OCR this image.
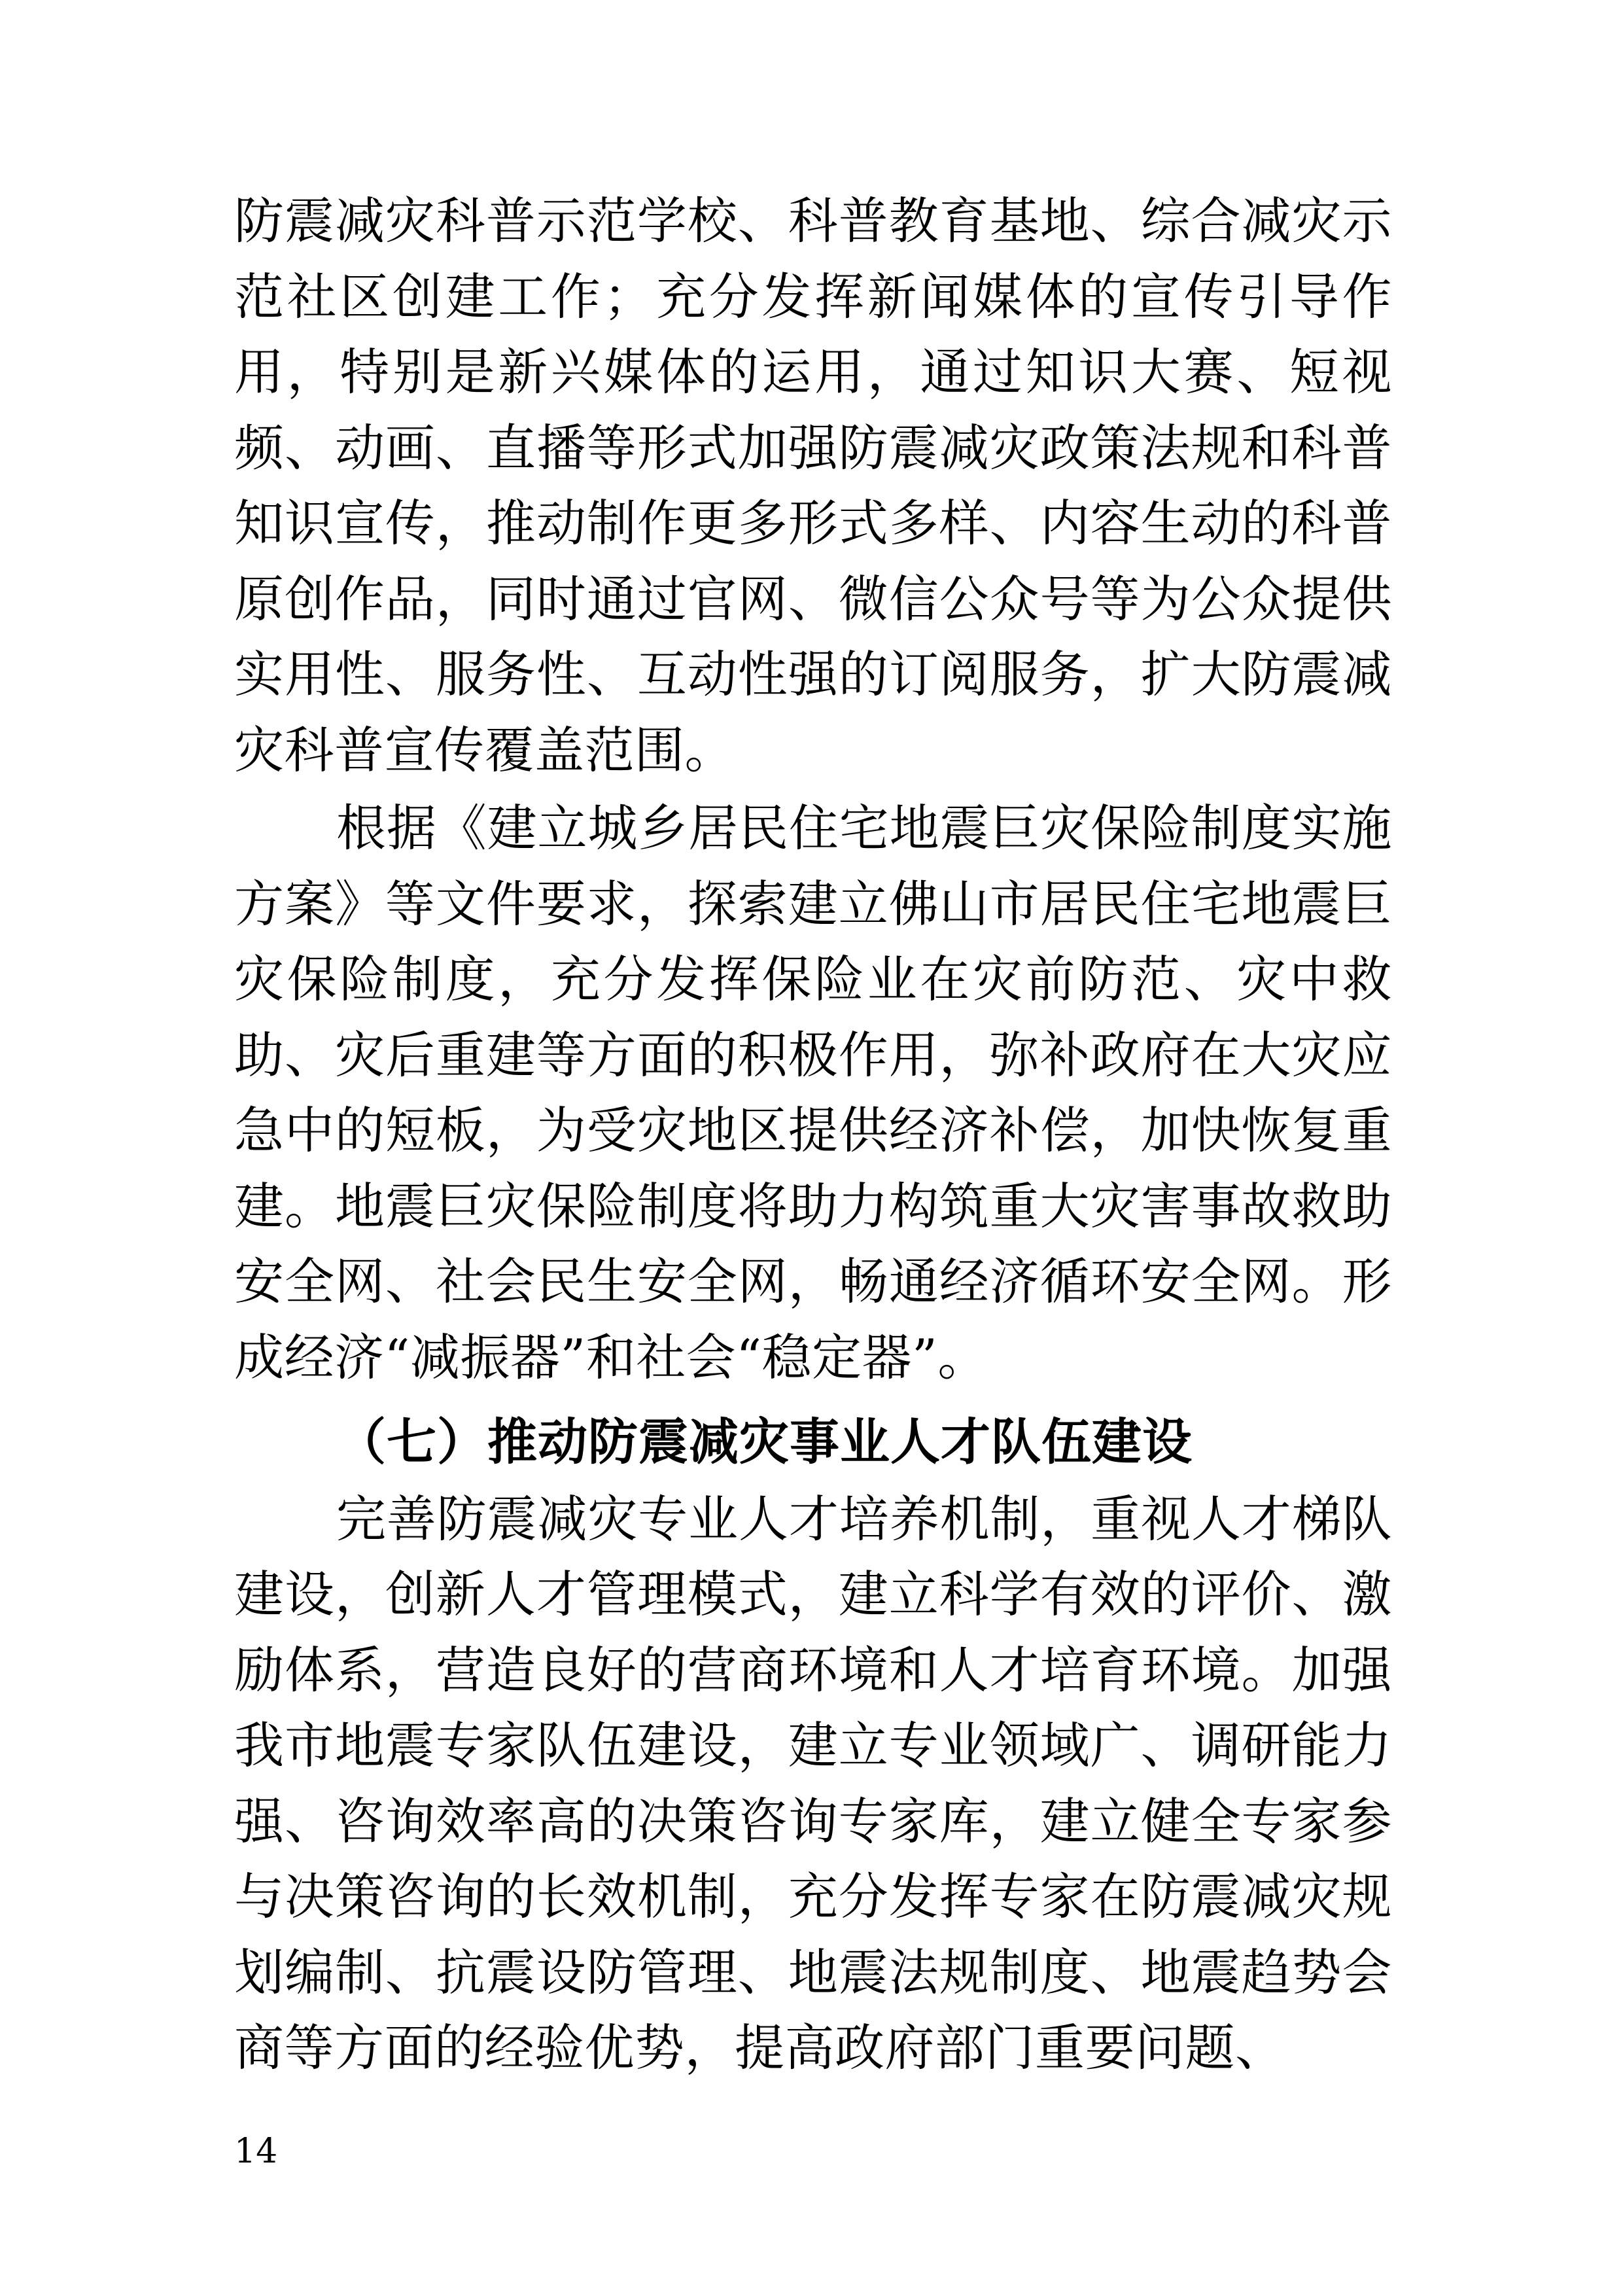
防震减灾科普示范学校、科普教育基地、综合减灾示范社区创建工作；充分发挥新闻媒体的宣传引导作用，特别是新兴媒体的运用，通过知识大赛、短视频、动画、直播等形式加强防震减灾政策法规和科普知识宣传，推动制作更多形式多样、内容生动的科普原创作品，同时通过官网、微信公众号等为公众提供实用性、服务性、互动性强的订阅服务，扩大防震减灾科普宣传覆盖范围。

根据《建立城乡居民住宅地震巨灾保险制度实施方案》等文件要求，探索建立佛山市居民住宅地震巨灾保险制度，充分发挥保险业在灾前防范、灾中救助、灾后重建等方面的积极作用，弥补政府在大灾应急中的短板，为受灾地区提供经济补偿，加快恢复重建。地震巨灾保险制度将助力构筑重大灾害事故救助安全网、社会民生安全网，畅通经济循环安全网。形成经济“减振器”和社会“稳定器”。

（七）推动防震减灾事业人才队伍建设

完善防震减灾专业人才培养机制，重视人才梯队建设，创新人才管理模式，建立科学有效的评价、激励体系，营造良好的营商环境和人才培育环境。加强我市地震专家队伍建设，建立专业领域广、调研能力强、咨询效率高的决策咨询专家库，建立健全专家参与决策咨询的长效机制，充分发挥专家在防震减灾规划编制、抗震设防管理、地震法规制度、地震趋势会商等方面的经验优势，提高政府部门重要问题、

14
